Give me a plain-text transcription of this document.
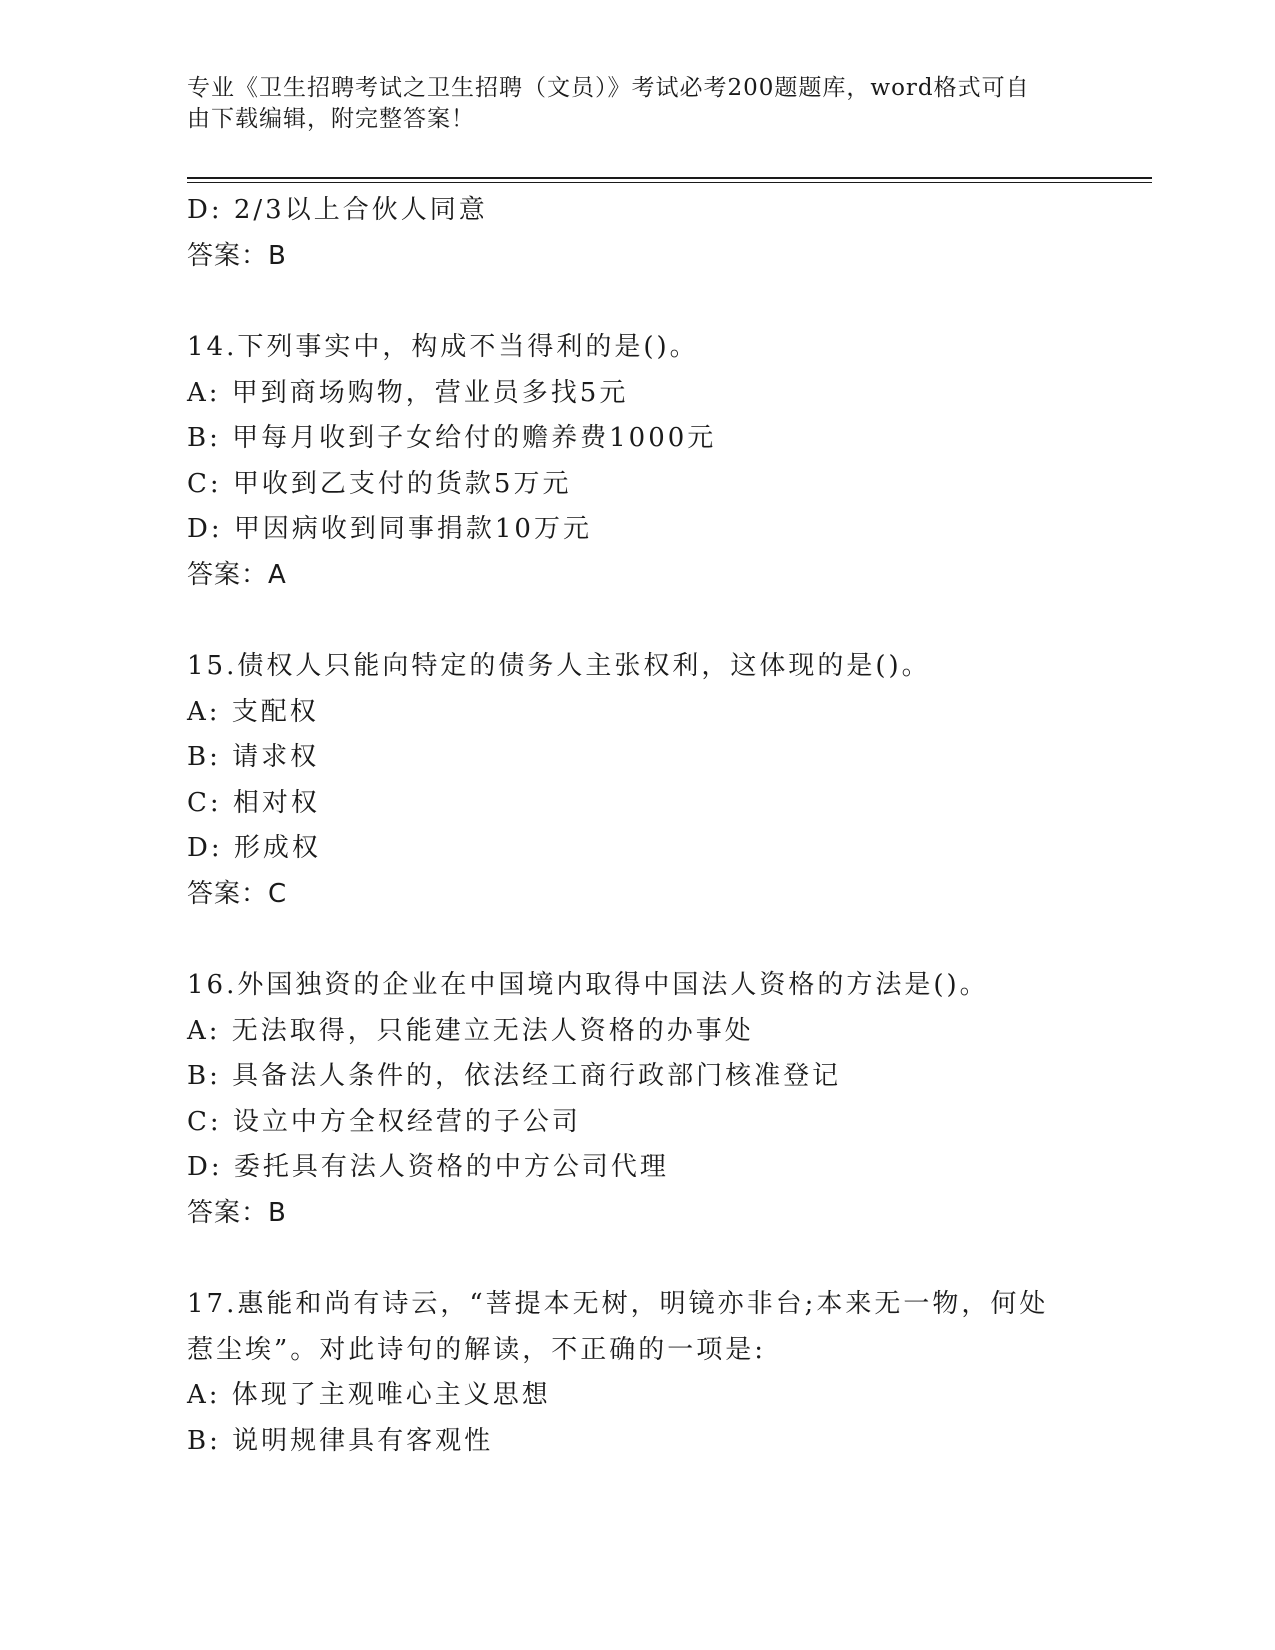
专业《卫生招聘考试之卫生招聘（文员）》考试必考200题题库，word格式可自
由下载编辑，附完整答案！
D: 2/3以上合伙人同意
答案：B
14.下列事实中，构成不当得利的是()。
A: 甲到商场购物，营业员多找5元
B: 甲每月收到子女给付的赡养费1000元
C: 甲收到乙支付的货款5万元
D: 甲因病收到同事捐款10万元
答案：A
15.债权人只能向特定的债务人主张权利，这体现的是()。
A: 支配权
B: 请求权
C: 相对权
D: 形成权
答案：C
16.外国独资的企业在中国境内取得中国法人资格的方法是()。
A: 无法取得，只能建立无法人资格的办事处
B: 具备法人条件的，依法经工商行政部门核准登记
C: 设立中方全权经营的子公司
D: 委托具有法人资格的中方公司代理
答案：B
17.惠能和尚有诗云，“菩提本无树，明镜亦非台;本来无一物，何处
惹尘埃”。对此诗句的解读，不正确的一项是:
A: 体现了主观唯心主义思想
B: 说明规律具有客观性
